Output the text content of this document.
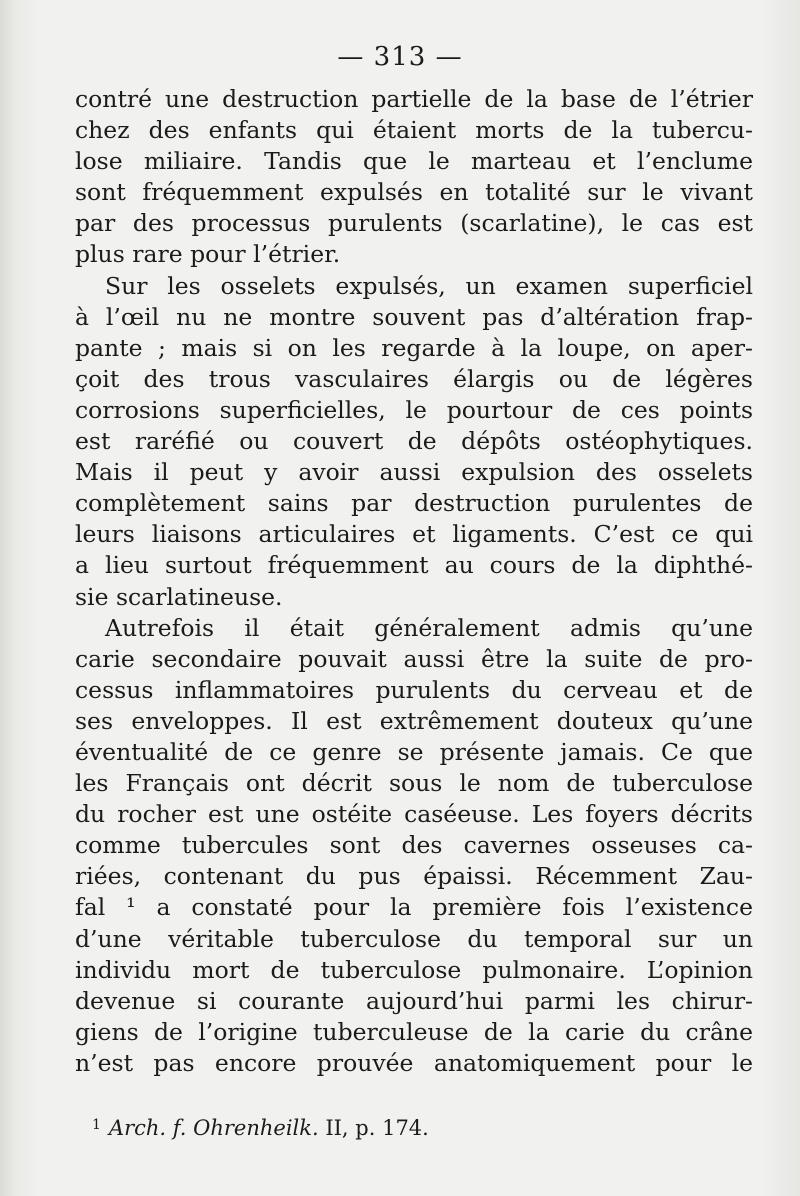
— 313 —
contré une destruction partielle de la base de l’étrier
chez des enfants qui étaient morts de la tubercu-
lose miliaire. Tandis que le marteau et l’enclume
sont fréquemment expulsés en totalité sur le vivant
par des processus purulents (scarlatine), le cas est
plus rare pour l’étrier.
Sur les osselets expulsés, un examen superficiel
à l’œil nu ne montre souvent pas d’altération frap-
pante ; mais si on les regarde à la loupe, on aper-
çoit des trous vasculaires élargis ou de légères
corrosions superficielles, le pourtour de ces points
est raréfié ou couvert de dépôts ostéophytiques.
Mais il peut y avoir aussi expulsion des osselets
complètement sains par destruction purulentes de
leurs liaisons articulaires et ligaments. C’est ce qui
a lieu surtout fréquemment au cours de la diphthé-
sie scarlatineuse.
Autrefois il était généralement admis qu’une
carie secondaire pouvait aussi être la suite de pro-
cessus inflammatoires purulents du cerveau et de
ses enveloppes. Il est extrêmement douteux qu’une
éventualité de ce genre se présente jamais. Ce que
les Français ont décrit sous le nom de tuberculose
du rocher est une ostéite caséeuse. Les foyers décrits
comme tubercules sont des cavernes osseuses ca-
riées, contenant du pus épaissi. Récemment Zau-
fal ¹ a constaté pour la première fois l’existence
d’une véritable tuberculose du temporal sur un
individu mort de tuberculose pulmonaire. L’opinion
devenue si courante aujourd’hui parmi les chirur-
giens de l’origine tuberculeuse de la carie du crâne
n’est pas encore prouvée anatomiquement pour le
$^1$ Arch. f. Ohrenheilk. II, p. 174.
